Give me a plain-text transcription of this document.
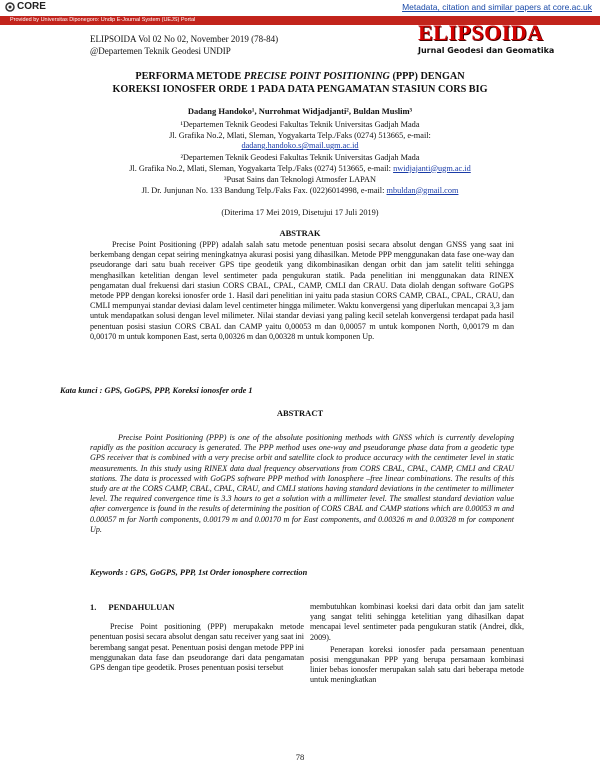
CORE	Metadata, citation and similar papers at core.ac.uk
Provided by Universitas Diponegoro: Undip E-Journal System (UEJS) Portal	ELIPSOIDA
Jurnal Geodesi dan Geomatika
ELIPSOIDA Vol 02 No 02, November 2019 (78-84)
@Departemen Teknik Geodesi UNDIP
PERFORMA METODE PRECISE POINT POSITIONING (PPP) DENGAN
KOREKSI IONOSFER ORDE 1 PADA DATA PENGAMATAN STASIUN CORS BIG
Dadang Handoko¹, Nurrohmat Widjadjanti², Buldan Muslim³
¹Departemen Teknik Geodesi Fakultas Teknik Universitas Gadjah Mada
Jl. Grafika No.2, Mlati, Sleman, Yogyakarta Telp./Faks (0274) 513665, e-mail:
dadang.handoko.s@mail.ugm.ac.id
²Departemen Teknik Geodesi Fakultas Teknik Universitas Gadjah Mada
Jl. Grafika No.2, Mlati, Sleman, Yogyakarta Telp./Faks (0274) 513665, e-mail: nwidjajanti@ugm.ac.id
³Pusat Sains dan Teknologi Atmosfer LAPAN
Jl. Dr. Junjunan No. 133 Bandung Telp./Faks Fax. (022)6014998, e-mail: mbuldan@gmail.com
(Diterima 17 Mei 2019, Disetujui 17 Juli 2019)
ABSTRAK
Precise Point Positioning (PPP) adalah salah satu metode penentuan posisi secara absolut dengan GNSS yang saat ini berkembang dengan cepat seiring meningkatnya akurasi posisi yang dihasilkan. Metode PPP menggunakan data fase one-way dan pseudorange dari satu buah receiver GPS tipe geodetik yang dikombinasikan dengan orbit dan jam satelit teliti sehingga menghasilkan ketelitian dengan level sentimeter pada pengukuran statik. Pada penelitian ini menggunakan data RINEX pengamatan dual frekuensi dari stasiun CORS CBAL, CPAL, CAMP, CMLI dan CRAU. Data diolah dengan software GoGPS metode PPP dengan koreksi ionosfer orde 1. Hasil dari penelitian ini yaitu pada stasiun CORS CAMP, CBAL, CPAL, CRAU, dan CMLI mempunyai standar deviasi dalam level centimeter hingga milimeter. Waktu konvergensi yang diperlukan mencapai 3,3 jam untuk mendapatkan solusi dengan level milimeter. Nilai standar deviasi yang paling kecil setelah konvergensi terdapat pada hasil penentuan posisi stasiun CORS CBAL dan CAMP yaitu 0,00053 m dan 0,00057 m untuk komponen North, 0,00179 m dan 0,00170 m untuk komponen East, serta 0,00326 m dan 0,00328 m untuk komponen Up.
Kata kunci : GPS, GoGPS, PPP, Koreksi ionosfer orde 1
ABSTRACT
Precise Point Positioning (PPP) is one of the absolute positioning methods with GNSS which is currently developing rapidly as the position accuracy is generated. The PPP method uses one-way and pseudorange phase data from a geodetic type GPS receiver that is combined with a very precise orbit and satellite clock to produce accuracy with the centimeter level in static measurements. In this study using RINEX data dual frequency observations from CORS CBAL, CPAL, CAMP, CMLI and CRAU stations. The data is processed with GoGPS software PPP method with Ionosphere –free linear combinations. The results of this study are at the CORS CAMP, CBAL, CPAL, CRAU, and CMLI stations having standard deviations in the centimeter to millimeter level. The required convergence time is 3.3 hours to get a solution with a millimeter level. The smallest standard deviation value after convergence is found in the results of determining the position of CORS CBAL and CAMP stations which are 0.00053 m and 0.00057 m for North components, 0.00179 m and 0.00170 m for East components, and 0.00326 m and 0.00328 m for component Up.
Keywords : GPS, GoGPS, PPP, 1st Order ionosphere correction
1. PENDAHULUAN

Precise Point positioning (PPP) merupakakn metode penentuan posisi secara absolut dengan satu receiver yang saat ini berembang sangat pesat. Penentuan posisi dengan metode PPP ini menggunakan data fase dan pseudorange dari data pengamatan GPS dengan tipe geodetik. Proses penentuan posisi tersebut

membutuhkan kombinasi koeksi dari data orbit dan jam satelit yang sangat teliti sehingga ketelitian yang dihasilkan dapat mencapai level sentimeter pada pengukuran statik (Andrei, dkk, 2009).

Penerapan koreksi ionosfer pada persamaan penentuan posisi menggunakan PPP yang berupa persamaan kombinasi linier bebas ionosfer merupakan salah satu dari beberapa metode untuk meningkatkan

78
